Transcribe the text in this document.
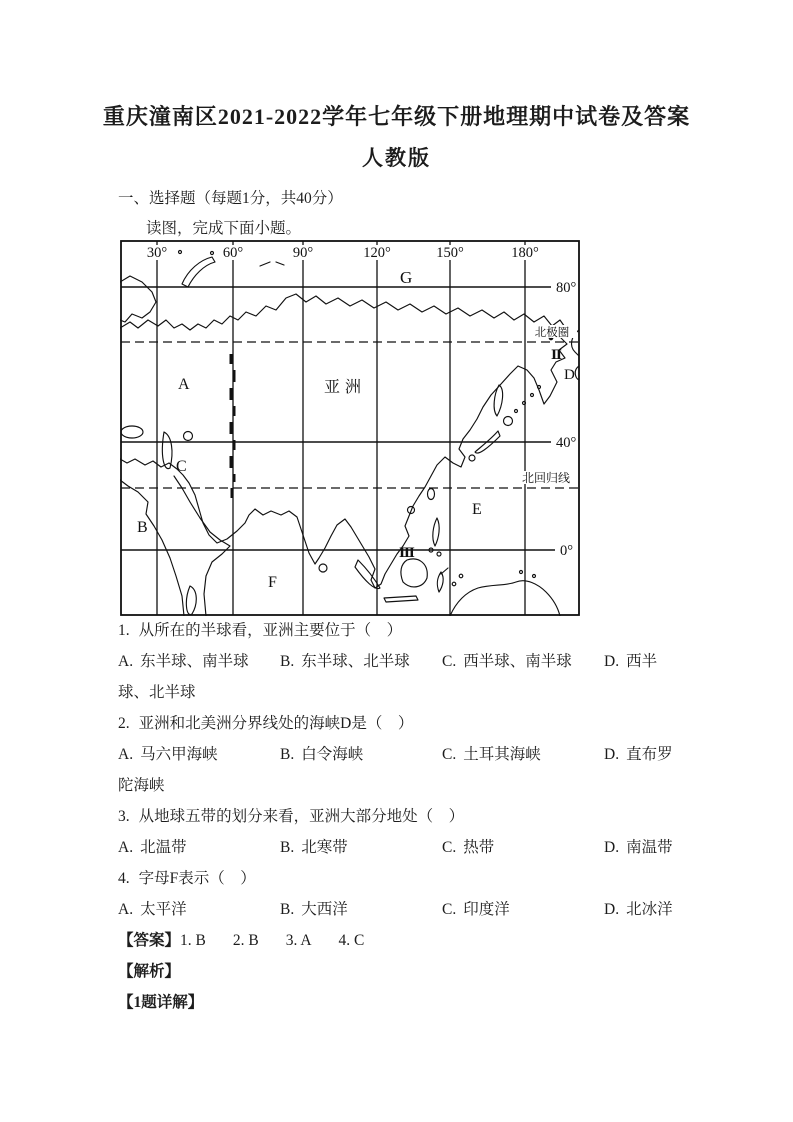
重庆潼南区2021-2022学年七年级下册地理期中试卷及答案
人教版
一、选择题（每题1分，共40分）
读图，完成下面小题。
30°	60°	90°	120°	150°	180°
80°
40°
0°
北极圈
北回归线
G
A	亚洲
Ⅱ
D
C
B
E
F
Ⅲ

1. 从所在的半球看，亚洲主要位于（　）

A. 东半球、南半球 B. 东半球、北半球 C. 西半球、南半球 D. 西半球、北半球

2. 亚洲和北美洲分界线处的海峡D是（　）

A. 马六甲海峡	B. 白令海峡	C. 土耳其海峡	D. 直布罗陀海峡

3. 从地球五带的划分来看，亚洲大部分地处（　）

A. 北温带	B. 北寒带	C. 热带	D. 南温带

4. 字母F表示（　）

A. 太平洋	B. 大西洋	C. 印度洋	D. 北冰洋

【答案】1. B 2. B 3. A 4. C

【解析】

【1题详解】
